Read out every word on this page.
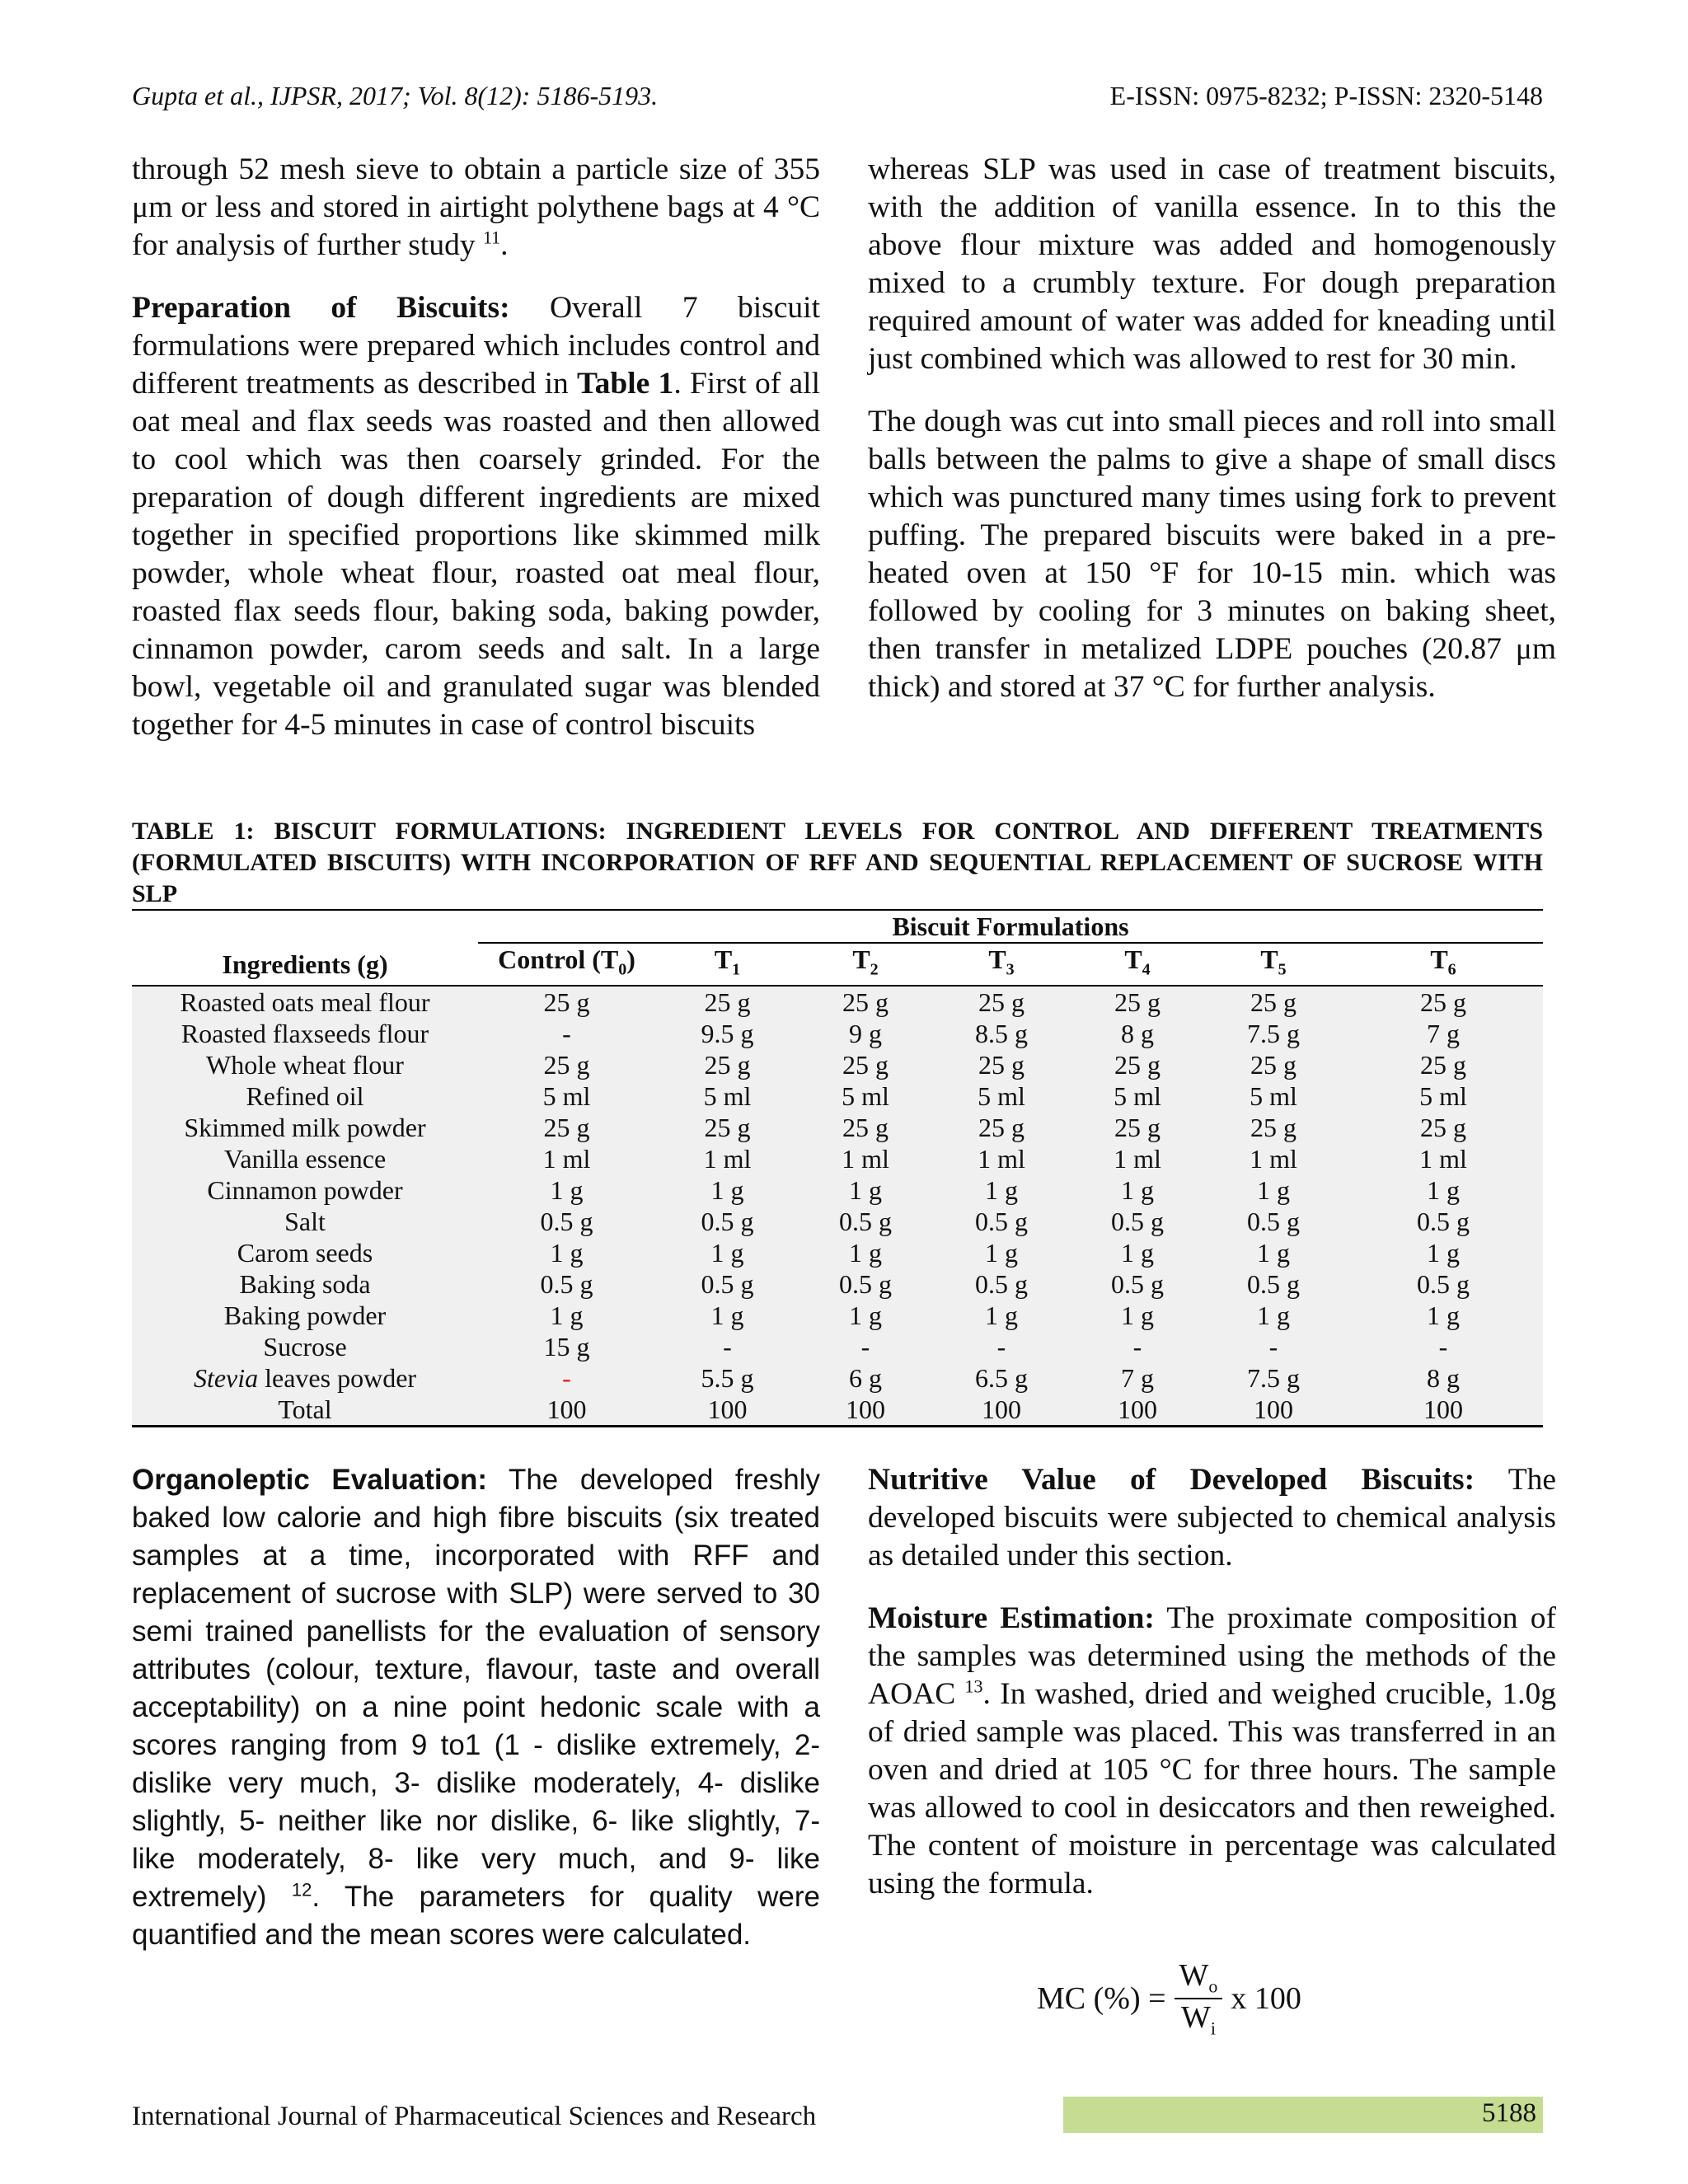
Gupta et al., IJPSR, 2017; Vol. 8(12): 5186-5193.	E-ISSN: 0975-8232; P-ISSN: 2320-5148

through 52 mesh sieve to obtain a particle size of 355 μm or less and stored in airtight polythene bags at 4 °C for analysis of further study $^{11}$.

Preparation of Biscuits: Overall 7 biscuit formulations were prepared which includes control and different treatments as described in Table 1. First of all oat meal and flax seeds was roasted and then allowed to cool which was then coarsely grinded. For the preparation of dough different ingredients are mixed together in specified proportions like skimmed milk powder, whole wheat flour, roasted oat meal flour, roasted flax seeds flour, baking soda, baking powder, cinnamon powder, carom seeds and salt. In a large bowl, vegetable oil and granulated sugar was blended together for 4-5 minutes in case of control biscuits

whereas SLP was used in case of treatment biscuits, with the addition of vanilla essence. In to this the above flour mixture was added and homogenously mixed to a crumbly texture. For dough preparation required amount of water was added for kneading until just combined which was allowed to rest for 30 min.

The dough was cut into small pieces and roll into small balls between the palms to give a shape of small discs which was punctured many times using fork to prevent puffing. The prepared biscuits were baked in a pre-heated oven at 150 °F for 10-15 min. which was followed by cooling for 3 minutes on baking sheet, then transfer in metalized LDPE pouches (20.87 μm thick) and stored at 37 °C for further analysis.

TABLE 1: BISCUIT FORMULATIONS: INGREDIENT LEVELS FOR CONTROL AND DIFFERENT TREATMENTS (FORMULATED BISCUITS) WITH INCORPORATION OF RFF AND SEQUENTIAL REPLACEMENT OF SUCROSE WITH SLP
	Biscuit Formulations						
Ingredients (g)	Control $(T_0)$	$T_1$	$T_2$	$T_3$	$T_4$	$T_5$	$T_6$
Roasted oats meal flour	25 g	25 g	25 g	25 g	25 g	25 g	25 g
Roasted flaxseeds flour	-	9.5 g	9 g	8.5 g	8 g	7.5 g	7 g
Whole wheat flour	25 g	25 g	25 g	25 g	25 g	25 g	25 g
Refined oil	5 ml	5 ml	5 ml	5 ml	5 ml	5 ml	5 ml
Skimmed milk powder	25 g	25 g	25 g	25 g	25 g	25 g	25 g
Vanilla essence	1 ml	1 ml	1 ml	1 ml	1 ml	1 ml	1 ml
Cinnamon powder	1 g	1 g	1 g	1 g	1 g	1 g	1 g
Salt	0.5 g	0.5 g	0.5 g	0.5 g	0.5 g	0.5 g	0.5 g
Carom seeds	1 g	1 g	1 g	1 g	1 g	1 g	1 g
Baking soda	0.5 g	0.5 g	0.5 g	0.5 g	0.5 g	0.5 g	0.5 g
Baking powder	1 g	1 g	1 g	1 g	1 g	1 g	1 g
Sucrose	15 g	-	-	-	-	-	-
Stevia leaves powder	-	5.5 g	6 g	6.5 g	7 g	7.5 g	8 g
Total	100	100	100	100	100	100	100

Organoleptic Evaluation: The developed freshly baked low calorie and high fibre biscuits (six treated samples at a time, incorporated with RFF and replacement of sucrose with SLP) were served to 30 semi trained panellists for the evaluation of sensory attributes (colour, texture, flavour, taste and overall acceptability) on a nine point hedonic scale with a scores ranging from 9 to1 (1 - dislike extremely, 2- dislike very much, 3- dislike moderately, 4- dislike slightly, 5- neither like nor dislike, 6- like slightly, 7- like moderately, 8- like very much, and 9- like extremely) $^{12}$. The parameters for quality were quantified and the mean scores were calculated.

Nutritive Value of Developed Biscuits: The developed biscuits were subjected to chemical analysis as detailed under this section.

Moisture Estimation: The proximate composition of the samples was determined using the methods of the AOAC $^{13}$. In washed, dried and weighed crucible, 1.0g of dried sample was placed. This was transferred in an oven and dried at 105 °C for three hours. The sample was allowed to cool in desiccators and then reweighed. The content of moisture in percentage was calculated using the formula.

MC (%) = $\frac{W_o}{W_i}$ x 100
International Journal of Pharmaceutical Sciences and Research	5188
